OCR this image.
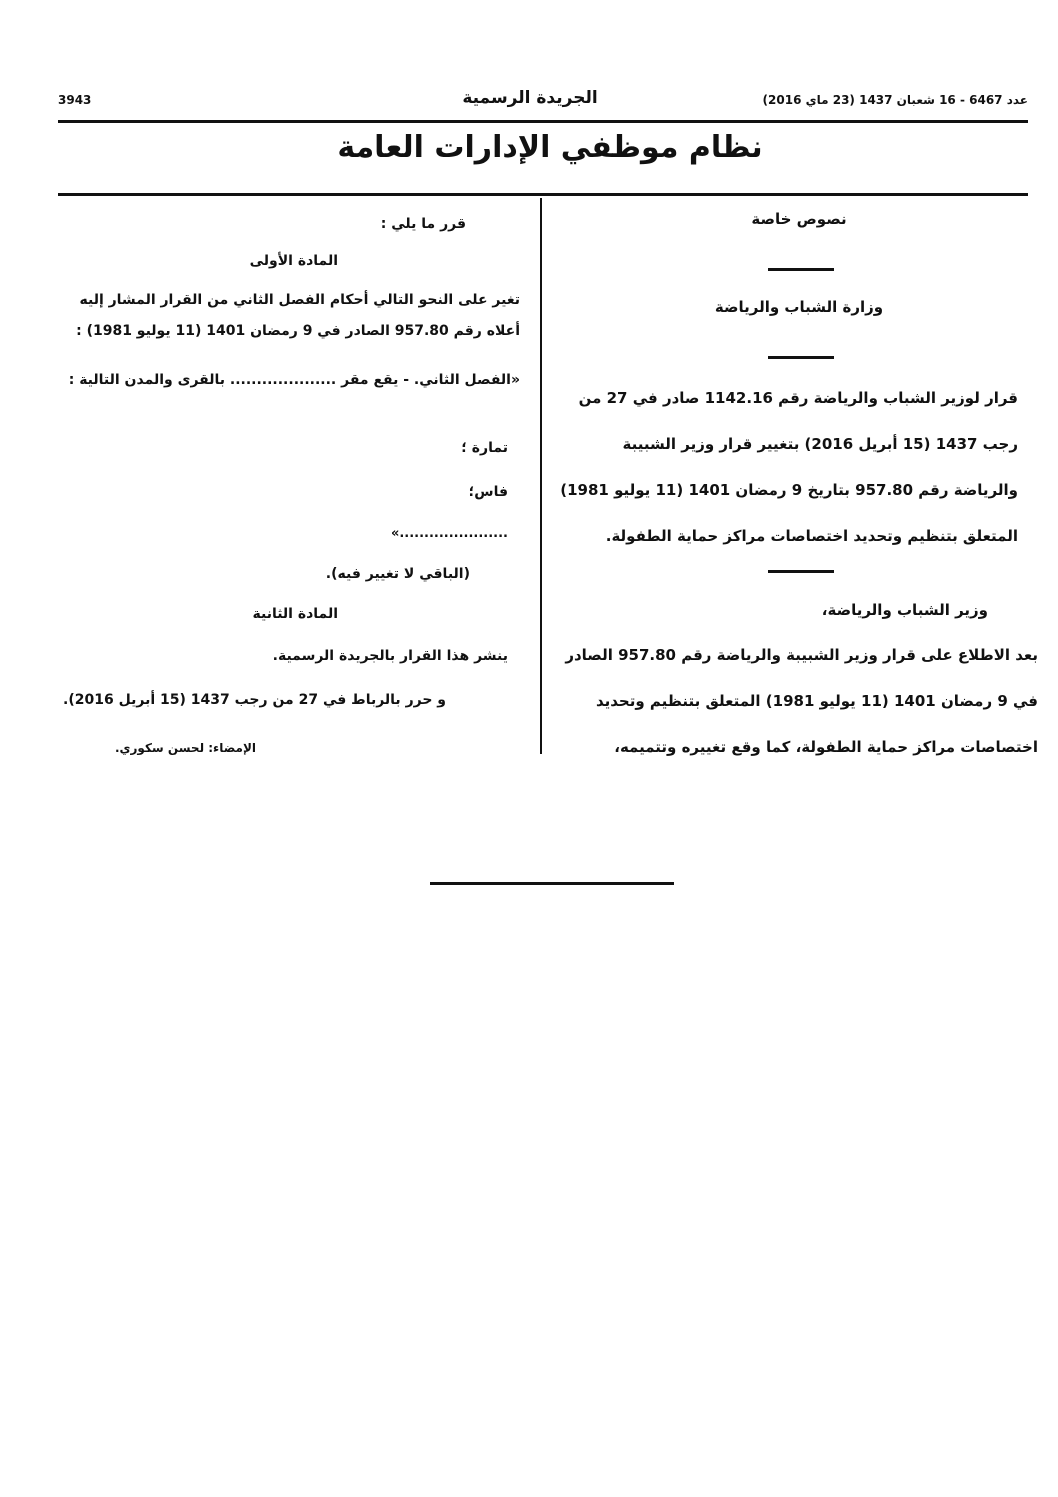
3943	الجريدة الرسمية	عدد 6467 - 16 شعبان 1437 (23 ماي 2016)
نظام موظفي الإدارات العامة
نصوص خاصة
وزارة الشباب والرياضة
قرار لوزير الشباب والرياضة رقم 1142.16 صادر في 27 من رجب 1437 (15 أبريل 2016) بتغيير قرار وزير الشبيبة والرياضة رقم 957.80 بتاريخ 9 رمضان 1401 (11 يوليو 1981) المتعلق بتنظيم وتحديد اختصاصات مراكز حماية الطفولة.
وزير الشباب والرياضة،
بعد الاطلاع على قرار وزير الشبيبة والرياضة رقم 957.80 الصادر في 9 رمضان 1401 (11 يوليو 1981) المتعلق بتنظيم وتحديد اختصاصات مراكز حماية الطفولة، كما وقع تغييره وتتميمه،
قرر ما يلي :
المادة الأولى
تغير على النحو التالي أحكام الفصل الثاني من القرار المشار إليه أعلاه رقم 957.80 الصادر في 9 رمضان 1401 (11 يوليو 1981) :
«الفصل الثاني. - يقع مقر .................... بالقرى والمدن التالية :
تمارة ؛
فاس؛
......................»
(الباقي لا تغيير فيه).
المادة الثانية
ينشر هذا القرار بالجريدة الرسمية.
و حرر بالرباط في 27 من رجب 1437 (15 أبريل 2016).
الإمضاء: لحسن سكوري.
